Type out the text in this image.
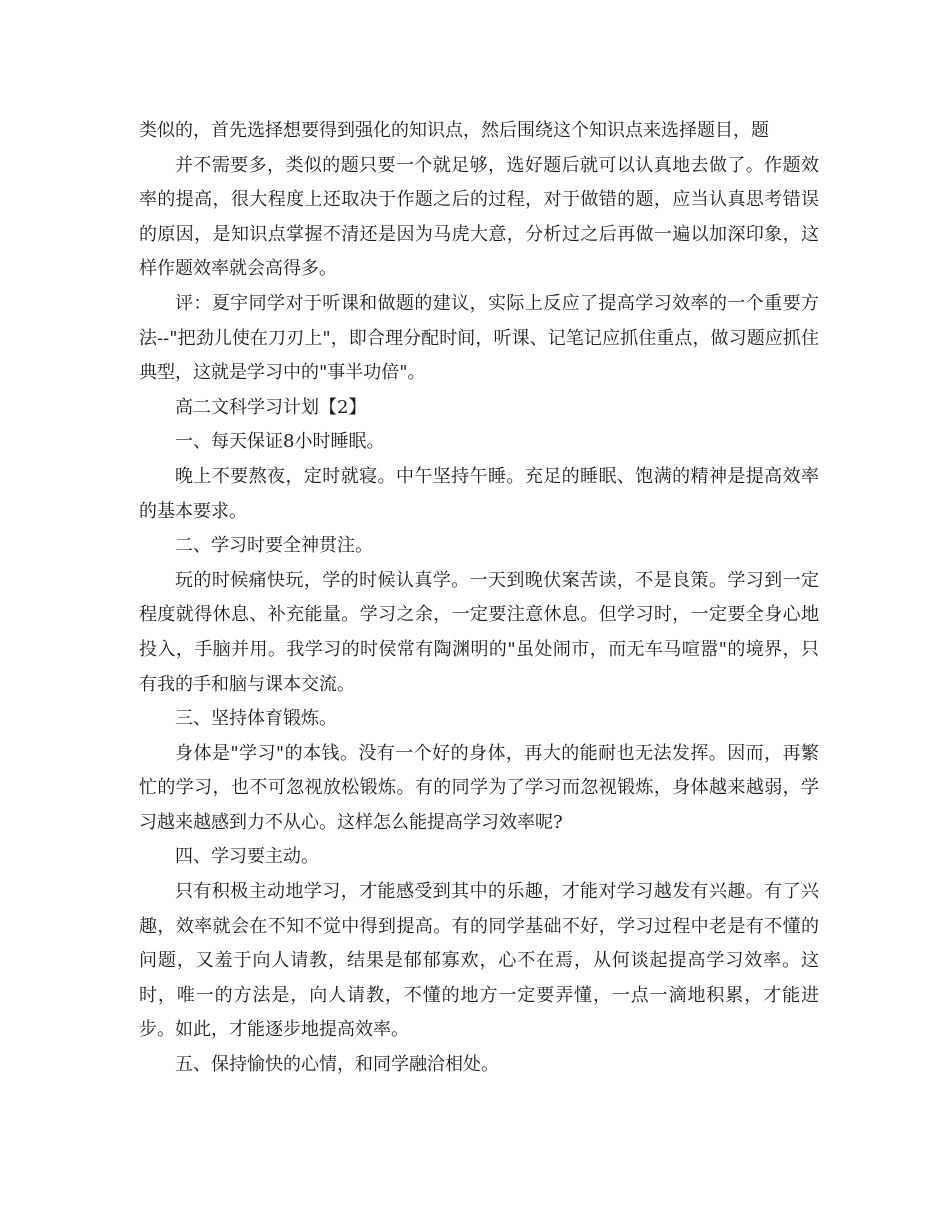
类似的，首先选择想要得到强化的知识点，然后围绕这个知识点来选择题目，题

并不需要多，类似的题只要一个就足够，选好题后就可以认真地去做了。作题效率的提高，很大程度上还取决于作题之后的过程，对于做错的题，应当认真思考错误的原因，是知识点掌握不清还是因为马虎大意，分析过之后再做一遍以加深印象，这样作题效率就会高得多。

评：夏宇同学对于听课和做题的建议，实际上反应了提高学习效率的一个重要方法--"把劲儿使在刀刃上"，即合理分配时间，听课、记笔记应抓住重点，做习题应抓住典型，这就是学习中的"事半功倍"。

高二文科学习计划【2】

一、每天保证8小时睡眠。

晚上不要熬夜，定时就寝。中午坚持午睡。充足的睡眠、饱满的精神是提高效率的基本要求。

二、学习时要全神贯注。

玩的时候痛快玩，学的时候认真学。一天到晚伏案苦读，不是良策。学习到一定程度就得休息、补充能量。学习之余，一定要注意休息。但学习时，一定要全身心地投入，手脑并用。我学习的时侯常有陶渊明的"虽处闹市，而无车马喧嚣"的境界，只有我的手和脑与课本交流。

三、坚持体育锻炼。

身体是"学习"的本钱。没有一个好的身体，再大的能耐也无法发挥。因而，再繁忙的学习，也不可忽视放松锻炼。有的同学为了学习而忽视锻炼，身体越来越弱，学习越来越感到力不从心。这样怎么能提高学习效率呢?

四、学习要主动。

只有积极主动地学习，才能感受到其中的乐趣，才能对学习越发有兴趣。有了兴趣，效率就会在不知不觉中得到提高。有的同学基础不好，学习过程中老是有不懂的问题，又羞于向人请教，结果是郁郁寡欢，心不在焉，从何谈起提高学习效率。这时，唯一的方法是，向人请教，不懂的地方一定要弄懂，一点一滴地积累，才能进步。如此，才能逐步地提高效率。

五、保持愉快的心情，和同学融洽相处。
